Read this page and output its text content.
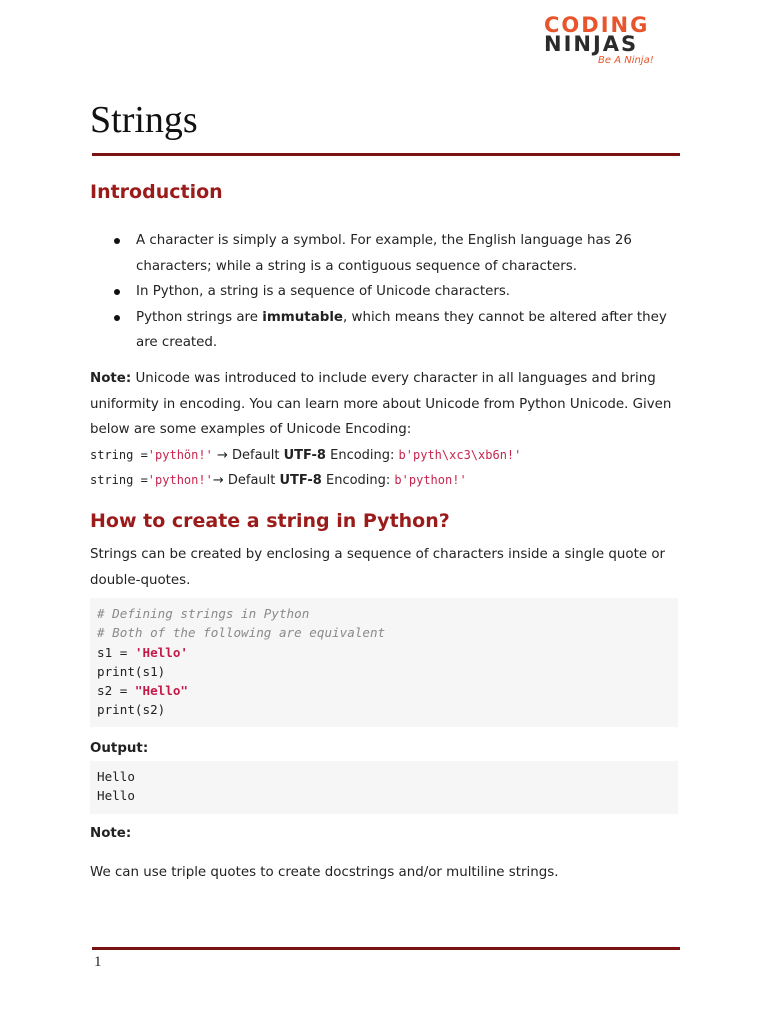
CODING
NINJAS
Be A Ninja!
Strings
Introduction
A character is simply a symbol. For example, the English language has 26 characters; while a string is a contiguous sequence of characters.
In Python, a string is a sequence of Unicode characters.
Python strings are immutable, which means they cannot be altered after they are created.

Note: Unicode was introduced to include every character in all languages and bring uniformity in encoding. You can learn more about Unicode from Python Unicode. Given below are some examples of Unicode Encoding:

string ='pythön!' → Default UTF-8 Encoding: b'pyth\xc3\xb6n!'
string ='python!'→ Default UTF-8 Encoding: b'python!'
How to create a string in Python?

Strings can be created by enclosing a sequence of characters inside a single quote or double-quotes.

# Defining strings in Python
# Both of the following are equivalent
s1 = 'Hello'
print(s1)
s2 = "Hello"
print(s2)
Output:
Hello
Hello
Note:

We can use triple quotes to create docstrings and/or multiline strings.

1
